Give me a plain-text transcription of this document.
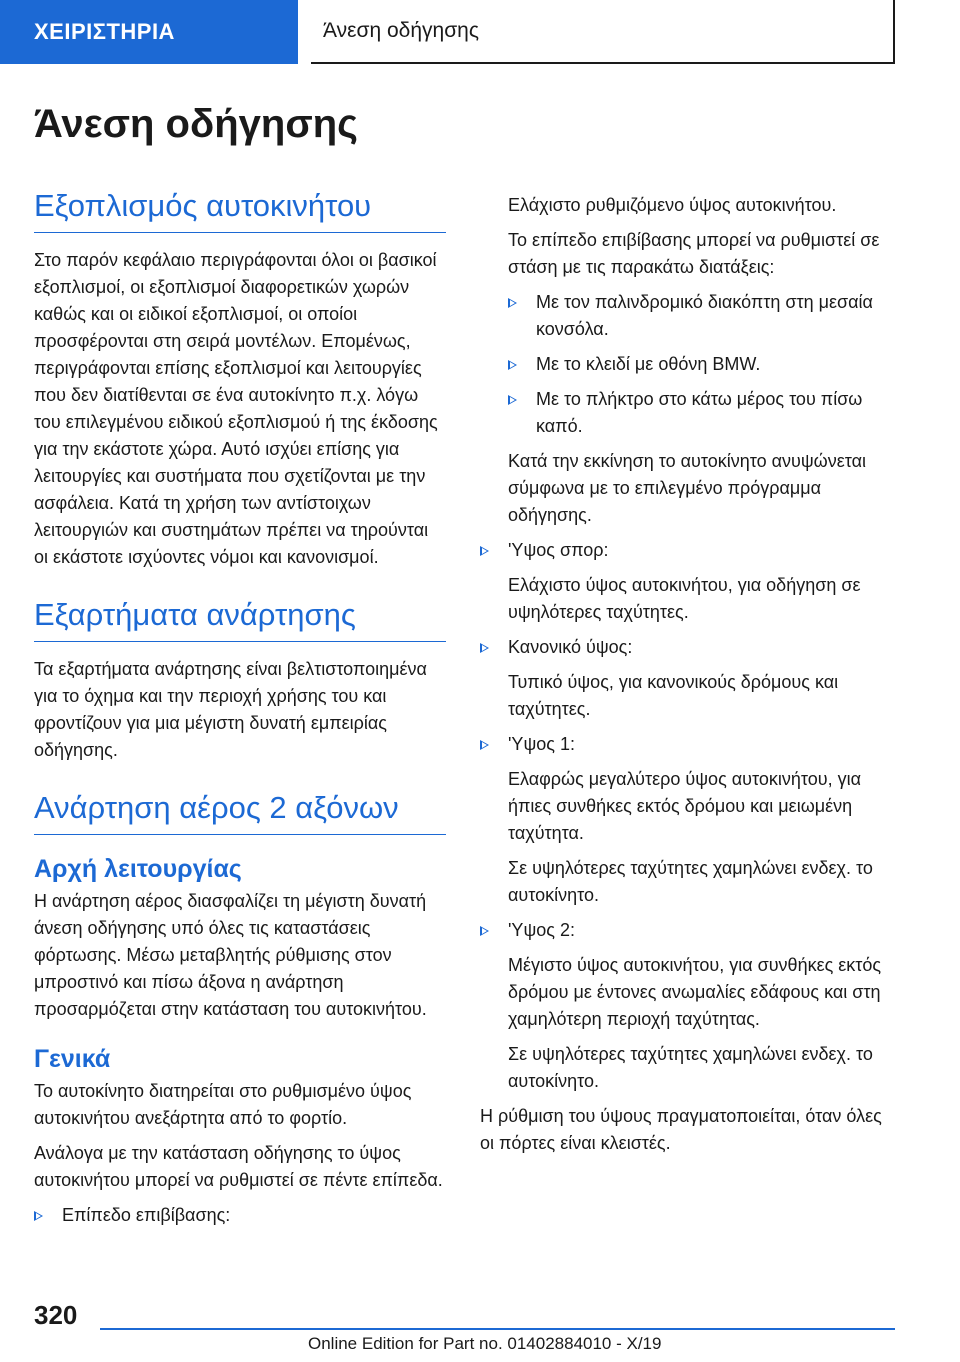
ΧΕΙΡΙΣΤΗΡΙΑ	Άνεση οδήγησης
Άνεση οδήγησης
Εξοπλισμός αυτοκινήτου

Στο παρόν κεφάλαιο περιγράφονται όλοι οι βασικοί εξοπλισμοί, οι εξοπλισμοί διαφορετικών χωρών καθώς και οι ειδικοί εξοπλισμοί, οι οποίοι προσφέρονται στη σειρά μοντέλων. Επομένως, περιγράφονται επίσης εξοπλισμοί και λειτουργίες που δεν διατίθενται σε ένα αυτοκίνητο π.χ. λόγω του επιλεγμένου ειδικού εξοπλισμού ή της έκδοσης για την εκάστοτε χώρα. Αυτό ισχύει επίσης για λειτουργίες και συστήματα που σχετίζονται με την ασφάλεια. Κατά τη χρήση των αντίστοιχων λειτουργιών και συστημάτων πρέπει να τηρούνται οι εκάστοτε ισχύοντες νόμοι και κανονισμοί.

Εξαρτήματα ανάρτησης

Τα εξαρτήματα ανάρτησης είναι βελτιστοποιημένα για το όχημα και την περιοχή χρήσης του και φροντίζουν για μια μέγιστη δυνατή εμπειρίας οδήγησης.

Ανάρτηση αέρος 2 αξόνων
Αρχή λειτουργίας

Η ανάρτηση αέρος διασφαλίζει τη μέγιστη δυνατή άνεση οδήγησης υπό όλες τις καταστάσεις φόρτωσης. Μέσω μεταβλητής ρύθμισης στον μπροστινό και πίσω άξονα η ανάρτηση προσαρμόζεται στην κατάσταση του αυτοκινήτου.

Γενικά

Το αυτοκίνητο διατηρείται στο ρυθμισμένο ύψος αυτοκινήτου ανεξάρτητα από το φορτίο.

Ανάλογα με την κατάσταση οδήγησης το ύψος αυτοκινήτου μπορεί να ρυθμιστεί σε πέντε επίπεδα.

Επίπεδο επιβίβασης:

Ελάχιστο ρυθμιζόμενο ύψος αυτοκινήτου.

Το επίπεδο επιβίβασης μπορεί να ρυθμιστεί σε στάση με τις παρακάτω διατάξεις:

Με τον παλινδρομικό διακόπτη στη μεσαία κονσόλα.
Με το κλειδί με οθόνη BMW.
Με το πλήκτρο στο κάτω μέρος του πίσω καπό.

Κατά την εκκίνηση το αυτοκίνητο ανυψώνεται σύμφωνα με το επιλεγμένο πρόγραμμα οδήγησης.

'Υψος σπορ:

Ελάχιστο ύψος αυτοκινήτου, για οδήγηση σε υψηλότερες ταχύτητες.

Κανονικό ύψος:

Τυπικό ύψος, για κανονικούς δρόμους και ταχύτητες.

'Υψος 1:

Ελαφρώς μεγαλύτερο ύψος αυτοκινήτου, για ήπιες συνθήκες εκτός δρόμου και μειωμένη ταχύτητα.

Σε υψηλότερες ταχύτητες χαμηλώνει ενδεχ. το αυτοκίνητο.

'Υψος 2:

Μέγιστο ύψος αυτοκινήτου, για συνθήκες εκτός δρόμου με έντονες ανωμαλίες εδάφους και στη χαμηλότερη περιοχή ταχύτητας.

Σε υψηλότερες ταχύτητες χαμηλώνει ενδεχ. το αυτοκίνητο.

Η ρύθμιση του ύψους πραγματοποιείται, όταν όλες οι πόρτες είναι κλειστές.

320
Online Edition for Part no. 01402884010 - X/19
